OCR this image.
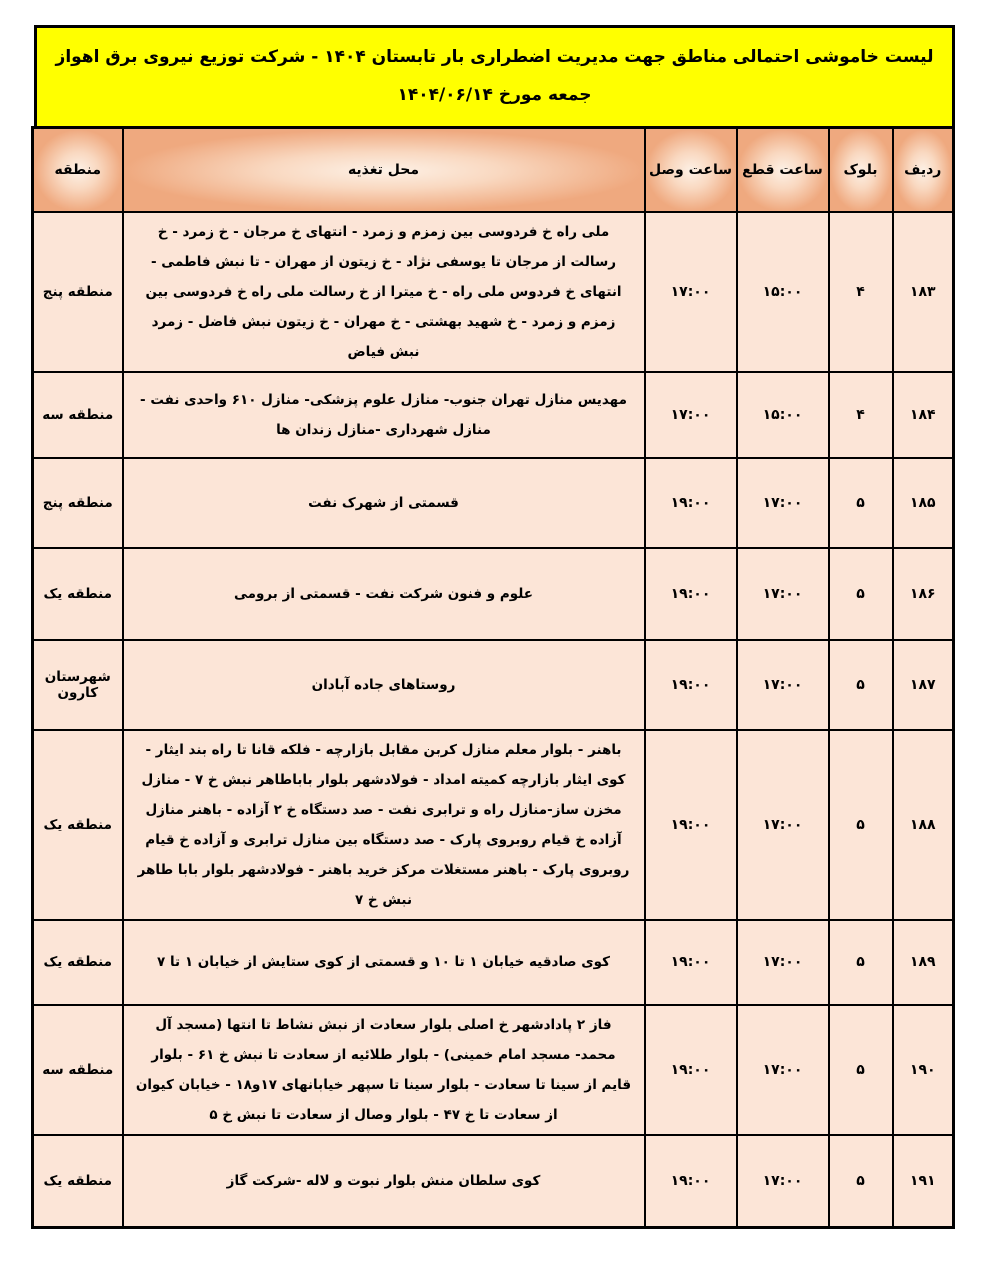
لیست خاموشی احتمالی مناطق جهت مدیریت اضطراری بار تابستان ۱۴۰۴ - شرکت توزیع نیروی برق اهواز
جمعه مورخ ۱۴۰۴/۰۶/۱۴
ردیف	بلوک	ساعت قطع	ساعت وصل	محل تغذیه	منطقه
۱۸۳	۴	۱۵:۰۰	۱۷:۰۰	ملی راه خ فردوسی بین زمزم و زمرد - انتهای خ مرجان - خ زمرد - خ رسالت از مرجان تا یوسفی نژاد - خ زیتون از مهران - تا نبش فاطمی - انتهای خ فردوس ملی راه - خ میترا از خ رسالت ملی راه خ فردوسی بین زمزم و زمرد - خ شهید بهشتی - خ مهران - خ زیتون نبش فاضل - زمرد نبش فیاض	منطقه پنج
۱۸۴	۴	۱۵:۰۰	۱۷:۰۰	مهدیس منازل تهران جنوب- منازل علوم پزشکی- منازل ۶۱۰ واحدی نفت - منازل شهرداری -منازل زندان ها	منطقه سه
۱۸۵	۵	۱۷:۰۰	۱۹:۰۰	قسمتی از شهرک نفت	منطقه پنج
۱۸۶	۵	۱۷:۰۰	۱۹:۰۰	علوم و فنون شرکت نفت - قسمتی از برومی	منطقه یک
۱۸۷	۵	۱۷:۰۰	۱۹:۰۰	روستاهای جاده آبادان	شهرستان کارون
۱۸۸	۵	۱۷:۰۰	۱۹:۰۰	باهنر - بلوار معلم منازل کربن مقابل بازارچه - فلکه قانا تا راه بند ایثار - کوی ایثار بازارچه کمیته امداد - فولادشهر بلوار باباطاهر نبش خ ۷ - منازل مخزن ساز-منازل راه و ترابری نفت - صد دستگاه خ ۲ آزاده - باهنر منازل آزاده خ قیام روبروی پارک - صد دستگاه بین منازل ترابری و آزاده خ قیام روبروی پارک - باهنر مستغلات مرکز خرید باهنر - فولادشهر بلوار بابا طاهر نبش خ ۷	منطقه یک
۱۸۹	۵	۱۷:۰۰	۱۹:۰۰	کوی صادقیه خیابان ۱ تا ۱۰ و قسمتی از کوی ستایش از خیابان ۱ تا ۷	منطقه یک
۱۹۰	۵	۱۷:۰۰	۱۹:۰۰	فاز ۲ پادادشهر خ اصلی بلوار سعادت از نبش نشاط تا انتها (مسجد آل محمد- مسجد امام خمینی) - بلوار طلائیه از سعادت تا نبش خ ۶۱ - بلوار قایم از سینا تا سعادت - بلوار سینا تا سپهر خیابانهای ۱۷و۱۸ - خیابان کیوان از سعادت تا خ ۴۷ - بلوار وصال از سعادت تا نبش خ ۵	منطقه سه
۱۹۱	۵	۱۷:۰۰	۱۹:۰۰	کوی سلطان منش بلوار نبوت و لاله -شرکت گاز	منطقه یک
